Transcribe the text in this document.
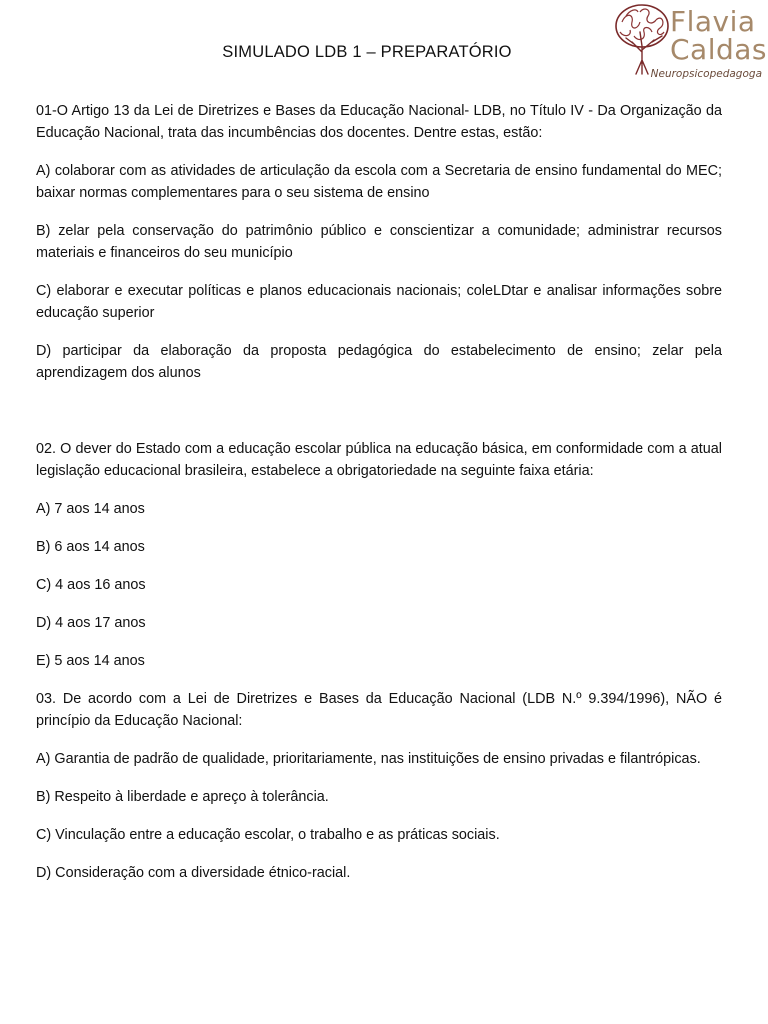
Flavia
Caldas
Neuropsicopedagoga
SIMULADO LDB 1 – PREPARATÓRIO

01-O Artigo 13 da Lei de Diretrizes e Bases da Educação Nacional- LDB, no Título IV - Da Organização da Educação Nacional, trata das incumbências dos docentes. Dentre estas, estão:

A) colaborar com as atividades de articulação da escola com a Secretaria de ensino fundamental do MEC; baixar normas complementares para o seu sistema de ensino

B) zelar pela conservação do patrimônio público e conscientizar a comunidade; administrar recursos materiais e financeiros do seu município

C) elaborar e executar políticas e planos educacionais nacionais; coleLDtar e analisar informações sobre educação superior

D) participar da elaboração da proposta pedagógica do estabelecimento de ensino; zelar pela aprendizagem dos alunos

02. O dever do Estado com a educação escolar pública na educação básica, em conformidade com a atual legislação educacional brasileira, estabelece a obrigatoriedade na seguinte faixa etária:

A) 7 aos 14 anos

B) 6 aos 14 anos

C) 4 aos 16 anos

D) 4 aos 17 anos

E) 5 aos 14 anos

03. De acordo com a Lei de Diretrizes e Bases da Educação Nacional (LDB N.º 9.394/1996), NÃO é princípio da Educação Nacional:

A) Garantia de padrão de qualidade, prioritariamente, nas instituições de ensino privadas e filantrópicas.

B) Respeito à liberdade e apreço à tolerância.

C) Vinculação entre a educação escolar, o trabalho e as práticas sociais.

D) Consideração com a diversidade étnico-racial.
